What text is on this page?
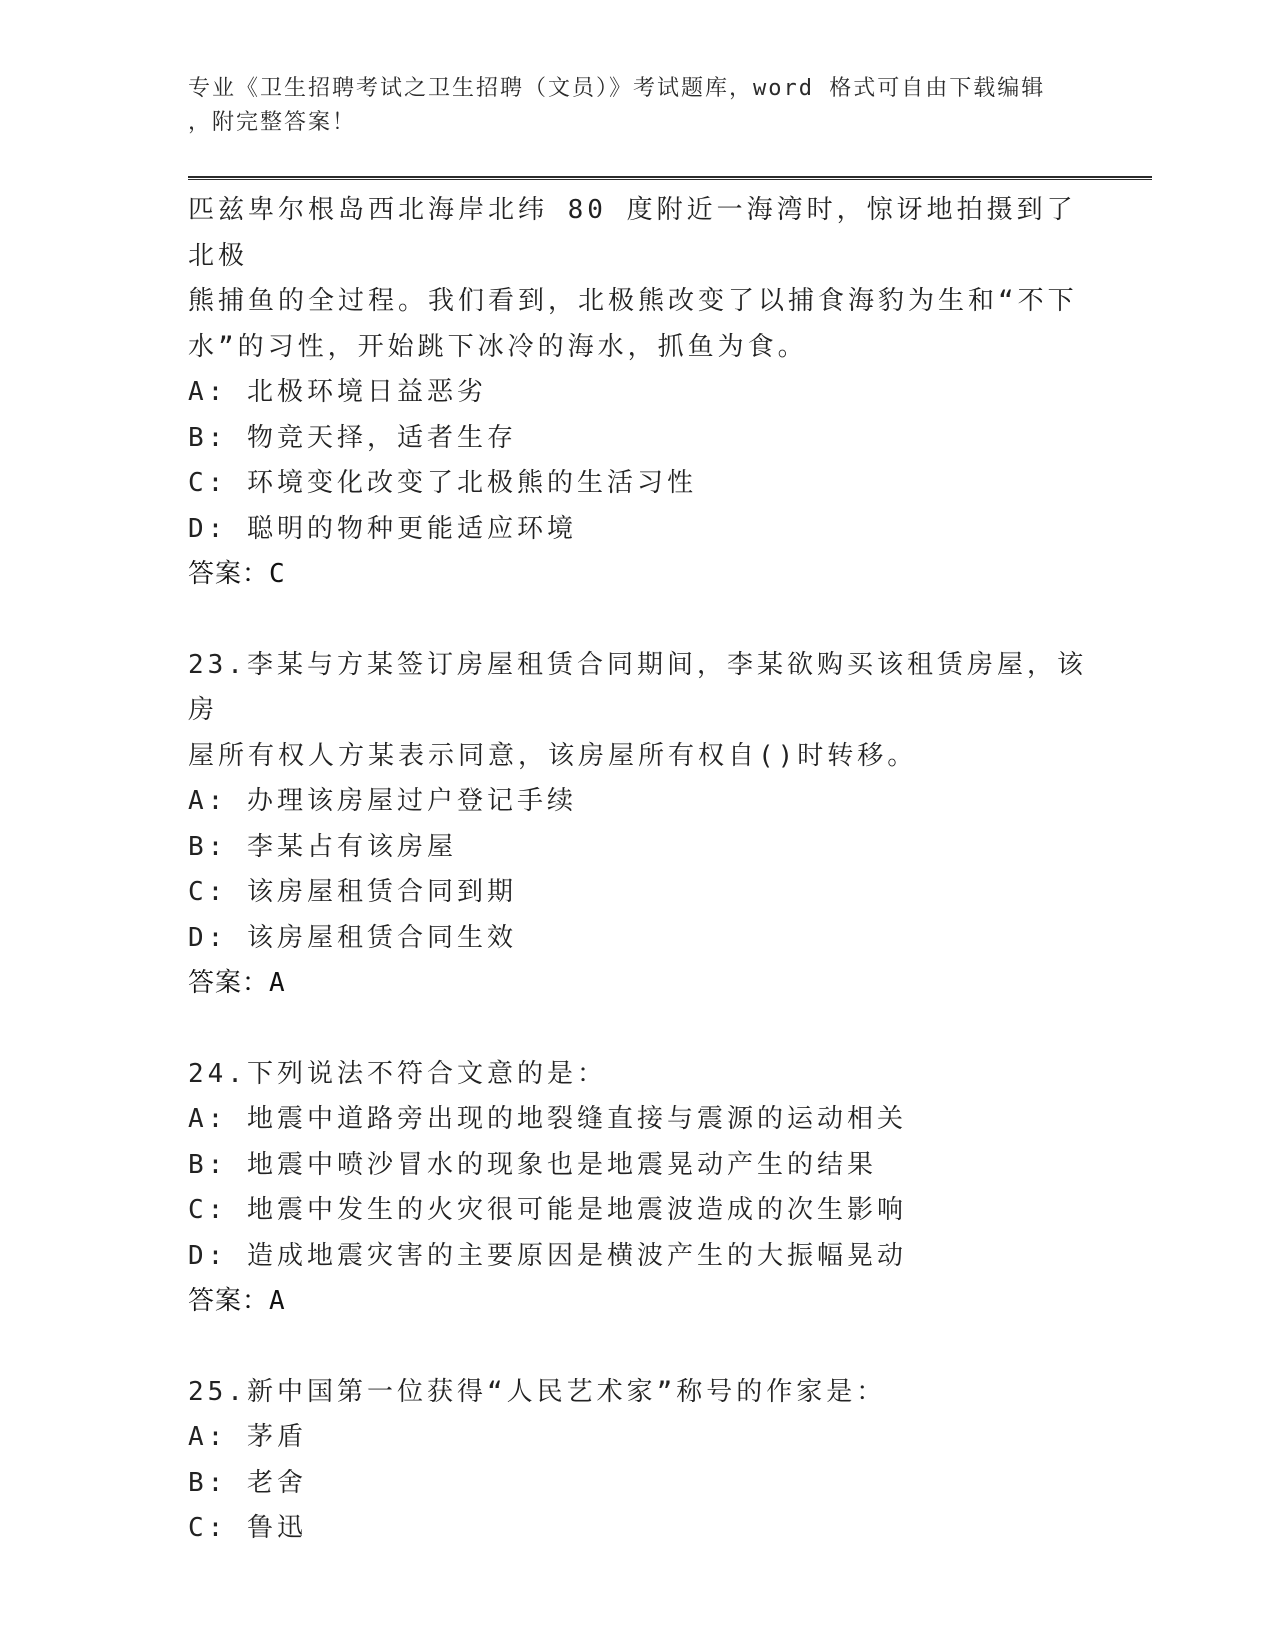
专业《卫生招聘考试之卫生招聘（文员）》考试题库，word 格式可自由下载编辑
，附完整答案！

匹兹卑尔根岛西北海岸北纬 80 度附近一海湾时，惊讶地拍摄到了北极

熊捕鱼的全过程。我们看到，北极熊改变了以捕食海豹为生和“不下

水”的习性，开始跳下冰冷的海水，抓鱼为食。

A: 北极环境日益恶劣

B: 物竞天择，适者生存

C: 环境变化改变了北极熊的生活习性

D: 聪明的物种更能适应环境

答案：C

23.李某与方某签订房屋租赁合同期间，李某欲购买该租赁房屋，该房

屋所有权人方某表示同意，该房屋所有权自()时转移。

A: 办理该房屋过户登记手续

B: 李某占有该房屋

C: 该房屋租赁合同到期

D: 该房屋租赁合同生效

答案：A

24.下列说法不符合文意的是：

A: 地震中道路旁出现的地裂缝直接与震源的运动相关

B: 地震中喷沙冒水的现象也是地震晃动产生的结果

C: 地震中发生的火灾很可能是地震波造成的次生影响

D: 造成地震灾害的主要原因是横波产生的大振幅晃动

答案：A

25.新中国第一位获得“人民艺术家”称号的作家是：

A: 茅盾

B: 老舍

C: 鲁迅
